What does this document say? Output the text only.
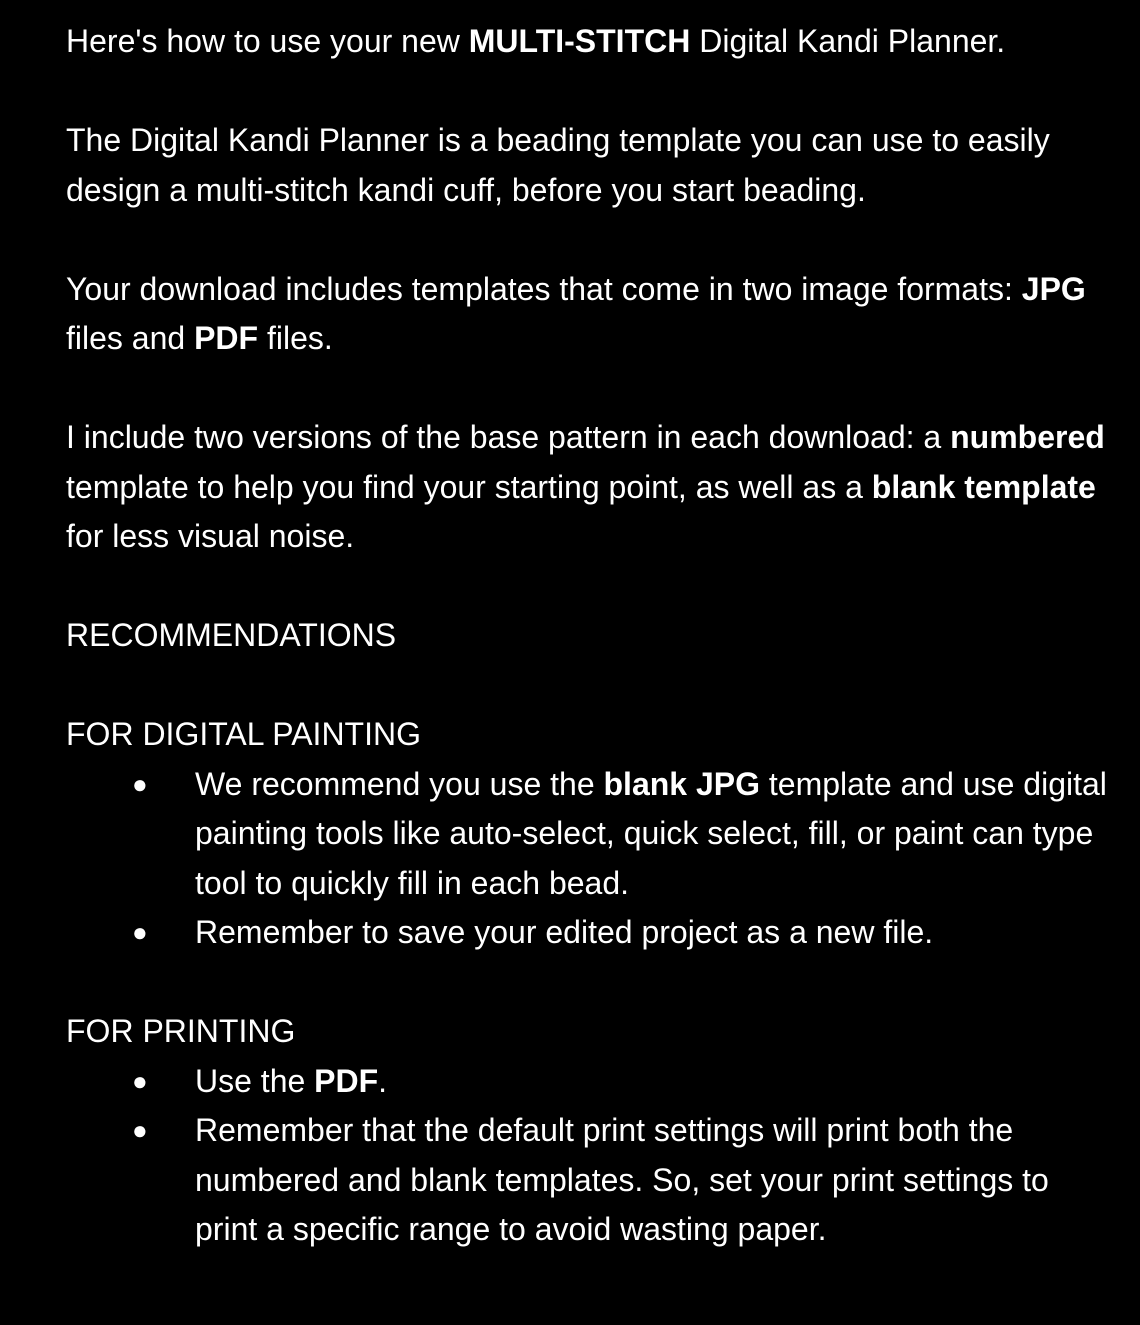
Here's how to use your new MULTI-STITCH Digital Kandi Planner.

The Digital Kandi Planner is a beading template you can use to easily design a multi-stitch kandi cuff, before you start beading.

Your download includes templates that come in two image formats: JPG files and PDF files.

I include two versions of the base pattern in each download: a numbered template to help you find your starting point, as well as a blank template for less visual noise.

RECOMMENDATIONS

FOR DIGITAL PAINTING

● We recommend you use the blank JPG template and use digital painting tools like auto-select, quick select, fill, or paint can type tool to quickly fill in each bead.
● Remember to save your edited project as a new file.

FOR PRINTING

● Use the PDF.
● Remember that the default print settings will print both the numbered and blank templates. So, set your print settings to print a specific range to avoid wasting paper.
